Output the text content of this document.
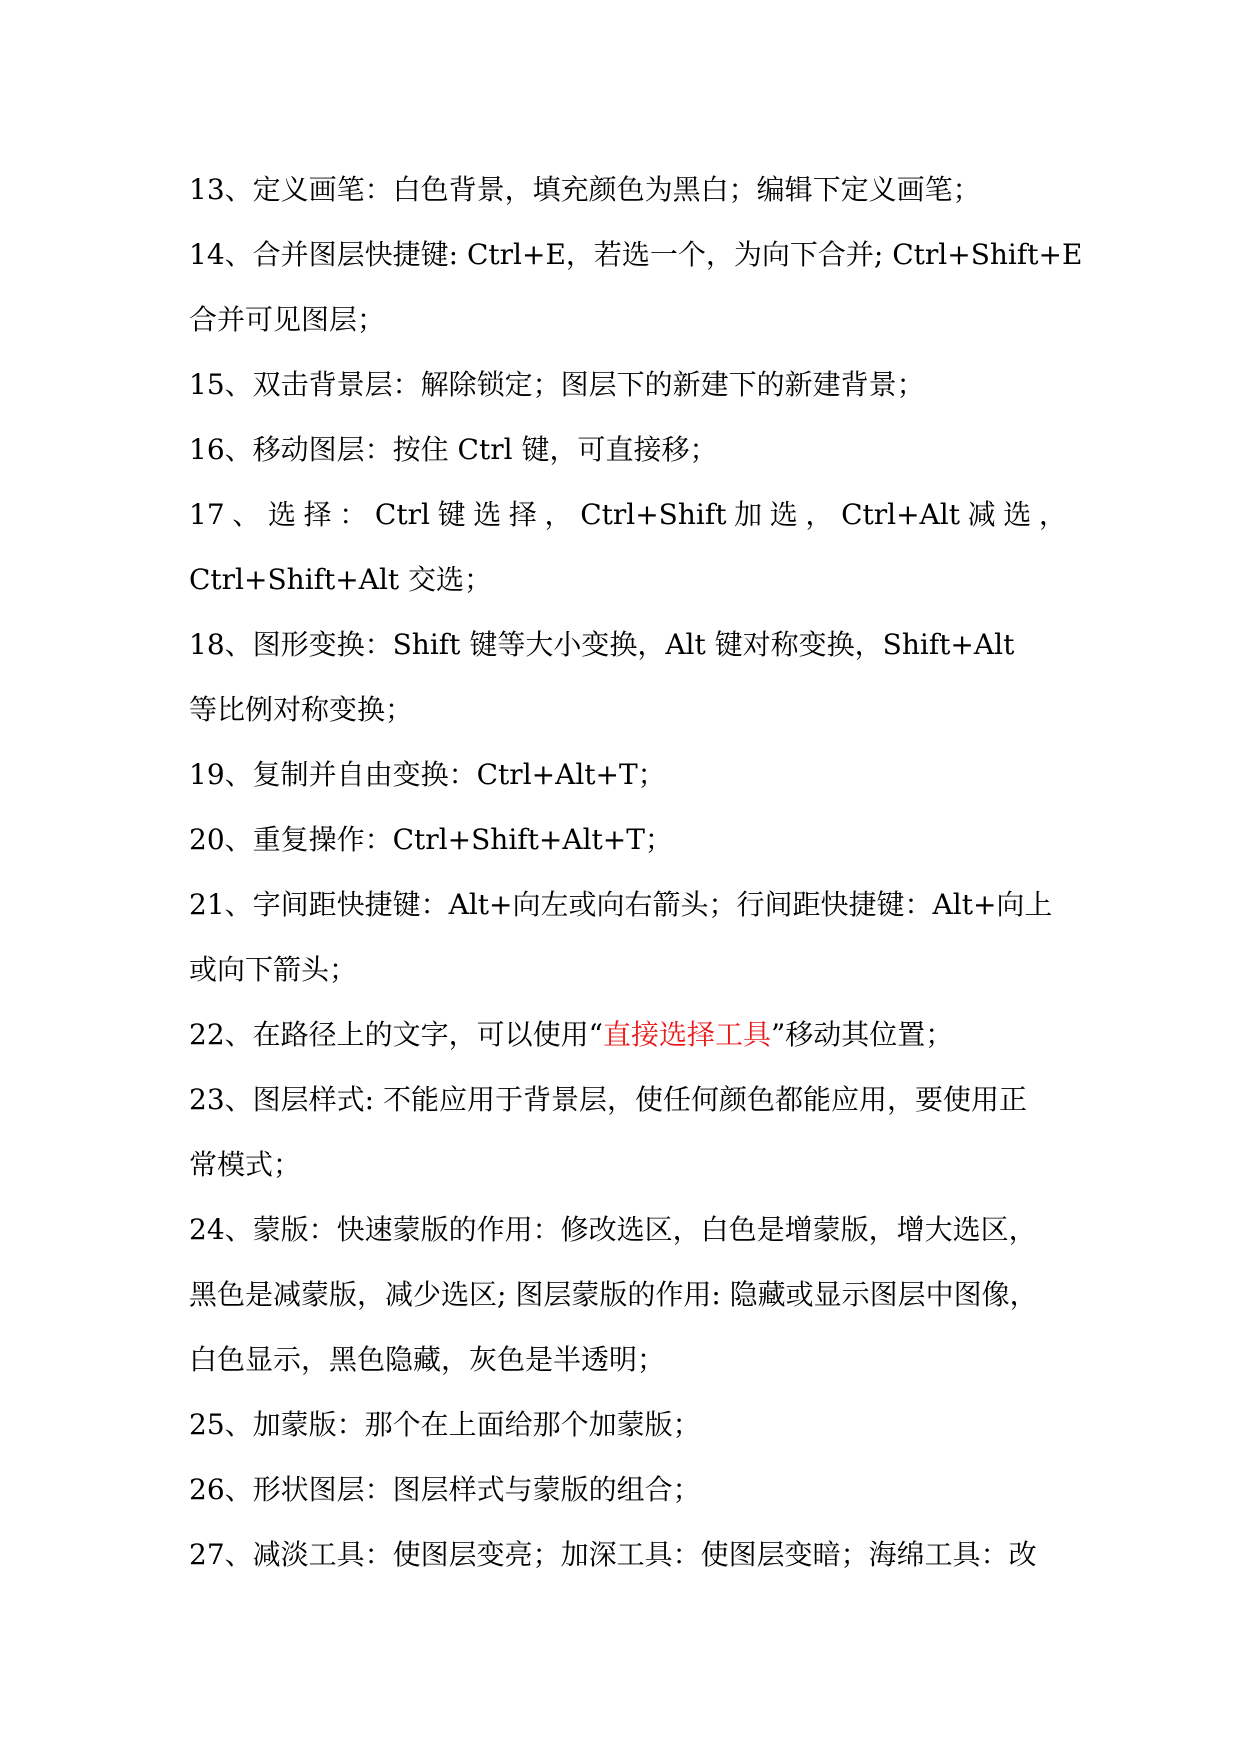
13、定义画笔：白色背景，填充颜色为黑白；编辑下定义画笔；
14、合并图层快捷键: Ctrl+E，若选一个，为向下合并; Ctrl+Shift+E
合并可见图层；
15、双击背景层：解除锁定；图层下的新建下的新建背景；
16、移动图层：按住 Ctrl 键，可直接移；
17 、 选 择 ： Ctrl 键 选 择 ， Ctrl+Shift 加 选 ， Ctrl+Alt 减 选 ，
Ctrl+Shift+Alt 交选；
18、图形变换：Shift 键等大小变换，Alt 键对称变换，Shift+Alt
等比例对称变换；
19、复制并自由变换：Ctrl+Alt+T；
20、重复操作：Ctrl+Shift+Alt+T；
21、字间距快捷键：Alt+向左或向右箭头；行间距快捷键：Alt+向上
或向下箭头；
22、在路径上的文字，可以使用“直接选择工具”移动其位置；
23、图层样式: 不能应用于背景层，使任何颜色都能应用，要使用正
常模式；
24、蒙版：快速蒙版的作用：修改选区，白色是增蒙版，增大选区，
黑色是减蒙版，减少选区; 图层蒙版的作用: 隐藏或显示图层中图像，
白色显示，黑色隐藏，灰色是半透明；
25、加蒙版：那个在上面给那个加蒙版；
26、形状图层：图层样式与蒙版的组合；
27、减淡工具：使图层变亮；加深工具：使图层变暗；海绵工具：改
